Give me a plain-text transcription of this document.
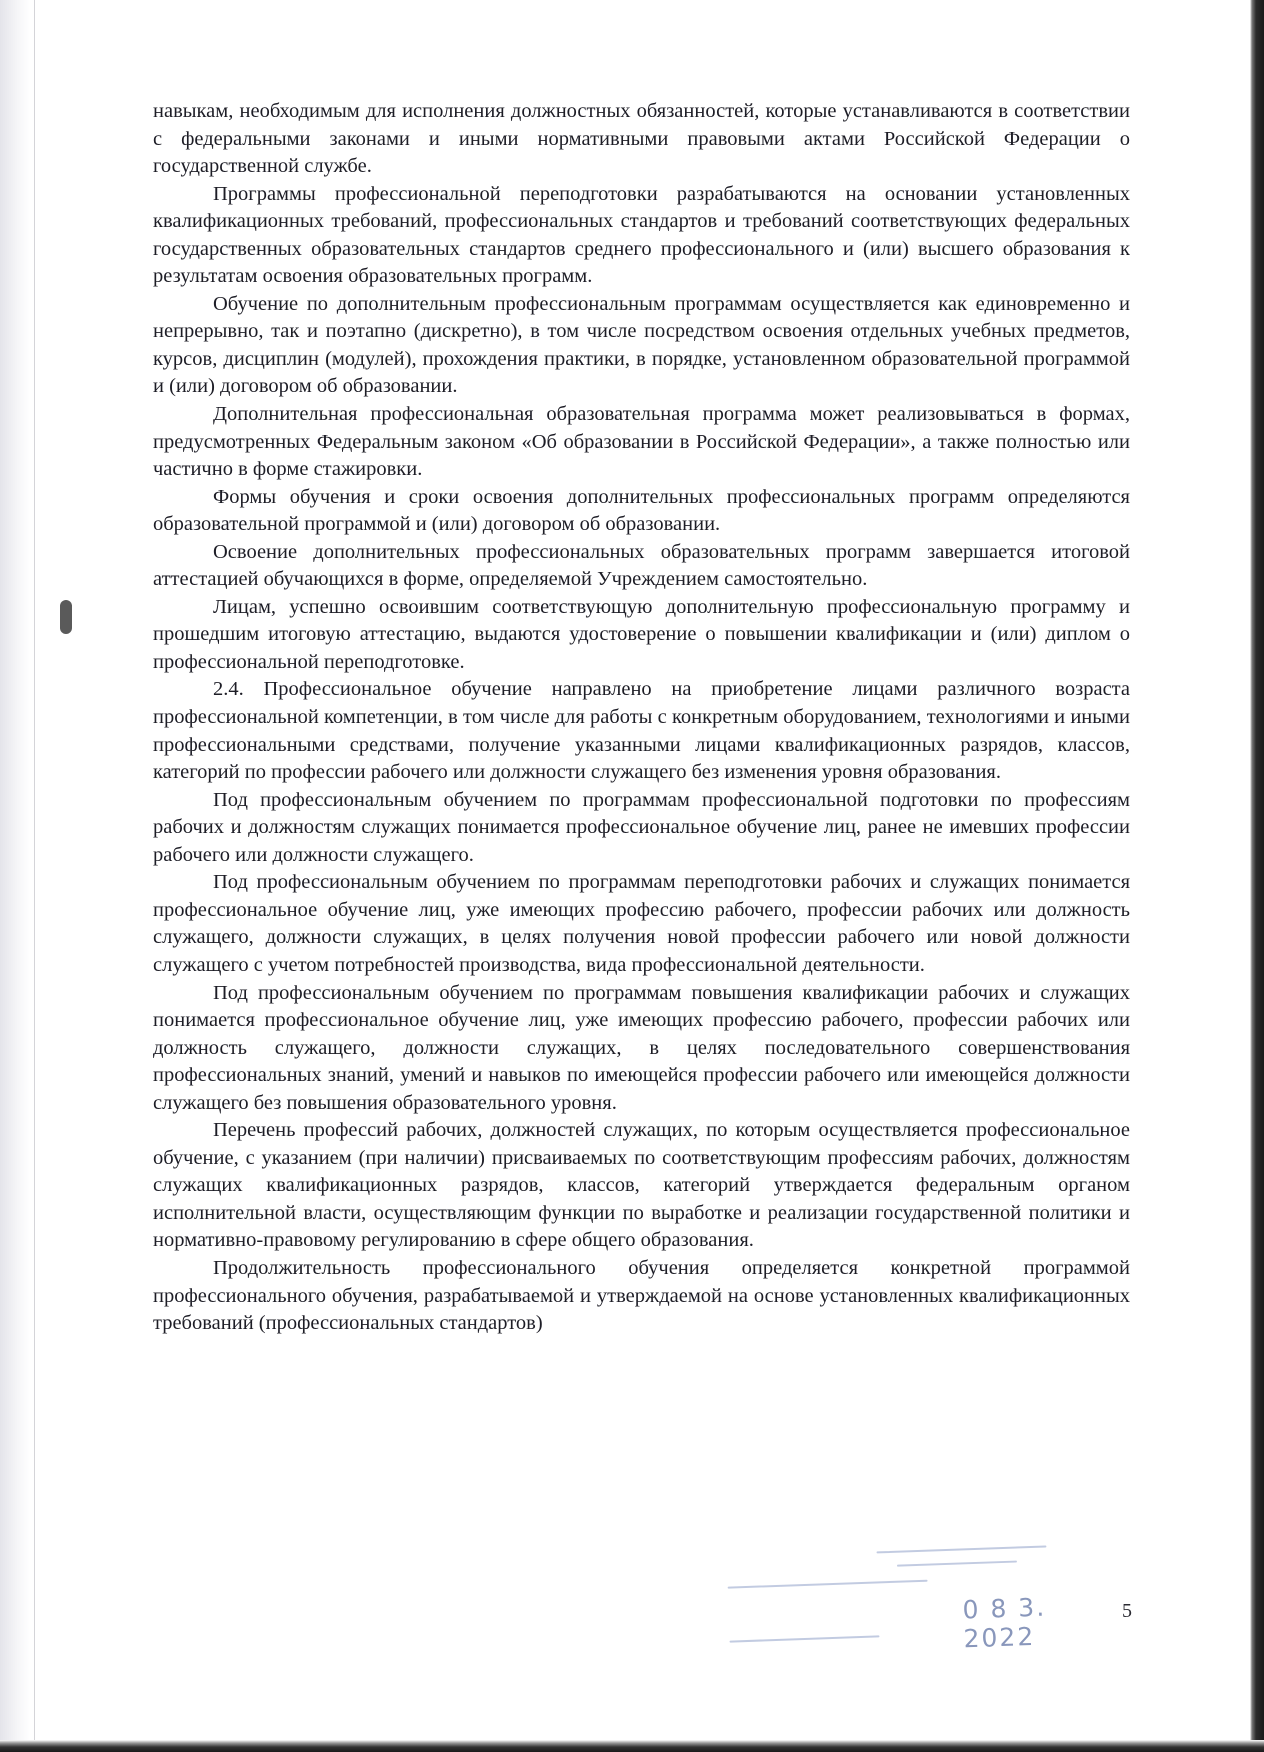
навыкам, необходимым для исполнения должностных обязанностей, которые устанавливаются в соответствии с федеральными законами и иными нормативными правовыми актами Российской Федерации о государственной службе.

Программы профессиональной переподготовки разрабатываются на основании установленных квалификационных требований, профессиональных стандартов и требований соответствующих федеральных государственных образовательных стандартов среднего профессионального и (или) высшего образования к результатам освоения образовательных программ.

Обучение по дополнительным профессиональным программам осуществляется как единовременно и непрерывно, так и поэтапно (дискретно), в том числе посредством освоения отдельных учебных предметов, курсов, дисциплин (модулей), прохождения практики, в порядке, установленном образовательной программой и (или) договором об образовании.

Дополнительная профессиональная образовательная программа может реализовываться в формах, предусмотренных Федеральным законом «Об образовании в Российской Федерации», а также полностью или частично в форме стажировки.

Формы обучения и сроки освоения дополнительных профессиональных программ определяются образовательной программой и (или) договором об образовании.

Освоение дополнительных профессиональных образовательных программ завершается итоговой аттестацией обучающихся в форме, определяемой Учреждением самостоятельно.

Лицам, успешно освоившим соответствующую дополнительную профессиональную программу и прошедшим итоговую аттестацию, выдаются удостоверение о повышении квалификации и (или) диплом о профессиональной переподготовке.

2.4. Профессиональное обучение направлено на приобретение лицами различного возраста профессиональной компетенции, в том числе для работы с конкретным оборудованием, технологиями и иными профессиональными средствами, получение указанными лицами квалификационных разрядов, классов, категорий по профессии рабочего или должности служащего без изменения уровня образования.

Под профессиональным обучением по программам профессиональной подготовки по профессиям рабочих и должностям служащих понимается профессиональное обучение лиц, ранее не имевших профессии рабочего или должности служащего.

Под профессиональным обучением по программам переподготовки рабочих и служащих понимается профессиональное обучение лиц, уже имеющих профессию рабочего, профессии рабочих или должность служащего, должности служащих, в целях получения новой профессии рабочего или новой должности служащего с учетом потребностей производства, вида профессиональной деятельности.

Под профессиональным обучением по программам повышения квалификации рабочих и служащих понимается профессиональное обучение лиц, уже имеющих профессию рабочего, профессии рабочих или должность служащего, должности служащих, в целях последовательного совершенствования профессиональных знаний, умений и навыков по имеющейся профессии рабочего или имеющейся должности служащего без повышения образовательного уровня.

Перечень профессий рабочих, должностей служащих, по которым осуществляется профессиональное обучение, с указанием (при наличии) присваиваемых по соответствующим профессиям рабочих, должностям служащих квалификационных разрядов, классов, категорий утверждается федеральным органом исполнительной власти, осуществляющим функции по выработке и реализации государственной политики и нормативно-правовому регулированию в сфере общего образования.

Продолжительность профессионального обучения определяется конкретной программой профессионального обучения, разрабатываемой и утверждаемой на основе установленных квалификационных требований (профессиональных стандартов)

0 8 3. 2022
5
